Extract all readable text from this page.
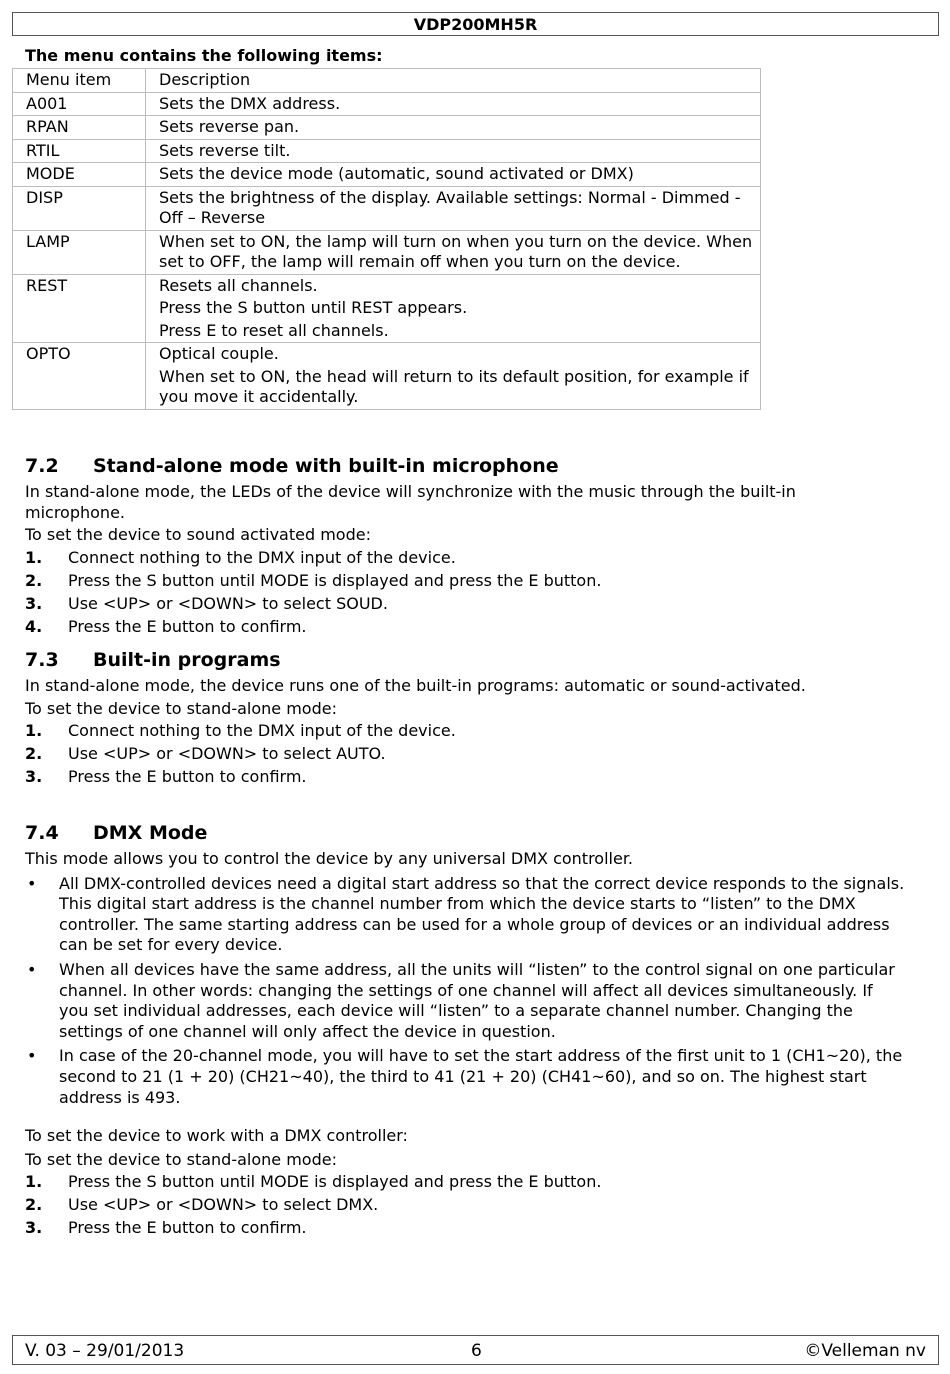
VDP200MH5R
The menu contains the following items:
Menu item	Description
A001	Sets the DMX address.

RPAN	Sets reverse pan.

RTIL	Sets reverse tilt.

MODE	Sets the device mode (automatic, sound activated or DMX)

DISP	Sets the brightness of the display. Available settings: Normal - Dimmed - Off – Reverse

LAMP	When set to ON, the lamp will turn on when you turn on the device. When set to OFF, the lamp will remain off when you turn on the device.

REST	Resets all channels.
Press the S button until REST appears.
Press E to reset all channels.

OPTO	Optical couple.
When set to ON, the head will return to its default position, for example if you move it accidentally.
7.2 Stand-alone mode with built-in microphone
In stand-alone mode, the LEDs of the device will synchronize with the music through the built-in microphone.
To set the device to sound activated mode:
1. Connect nothing to the DMX input of the device.
2. Press the S button until MODE is displayed and press the E button.
3. Use <UP> or <DOWN> to select SOUD.
4. Press the E button to confirm.
7.3 Built-in programs
In stand-alone mode, the device runs one of the built-in programs: automatic or sound-activated.
To set the device to stand-alone mode:
1. Connect nothing to the DMX input of the device.
2. Use <UP> or <DOWN> to select AUTO.
3. Press the E button to confirm.
7.4 DMX Mode
This mode allows you to control the device by any universal DMX controller.
• All DMX-controlled devices need a digital start address so that the correct device responds to the signals. This digital start address is the channel number from which the device starts to “listen” to the DMX controller. The same starting address can be used for a whole group of devices or an individual address can be set for every device.
• When all devices have the same address, all the units will “listen” to the control signal on one particular channel. In other words: changing the settings of one channel will affect all devices simultaneously. If you set individual addresses, each device will “listen” to a separate channel number. Changing the settings of one channel will only affect the device in question.
• In case of the 20-channel mode, you will have to set the start address of the first unit to 1 (CH1~20), the second to 21 (1 + 20) (CH21~40), the third to 41 (21 + 20) (CH41~60), and so on. The highest start address is 493.
To set the device to work with a DMX controller:
To set the device to stand-alone mode:
1. Press the S button until MODE is displayed and press the E button.
2. Use <UP> or <DOWN> to select DMX.
3. Press the E button to confirm.
V. 03 – 29/01/2013	6	©Velleman nv
